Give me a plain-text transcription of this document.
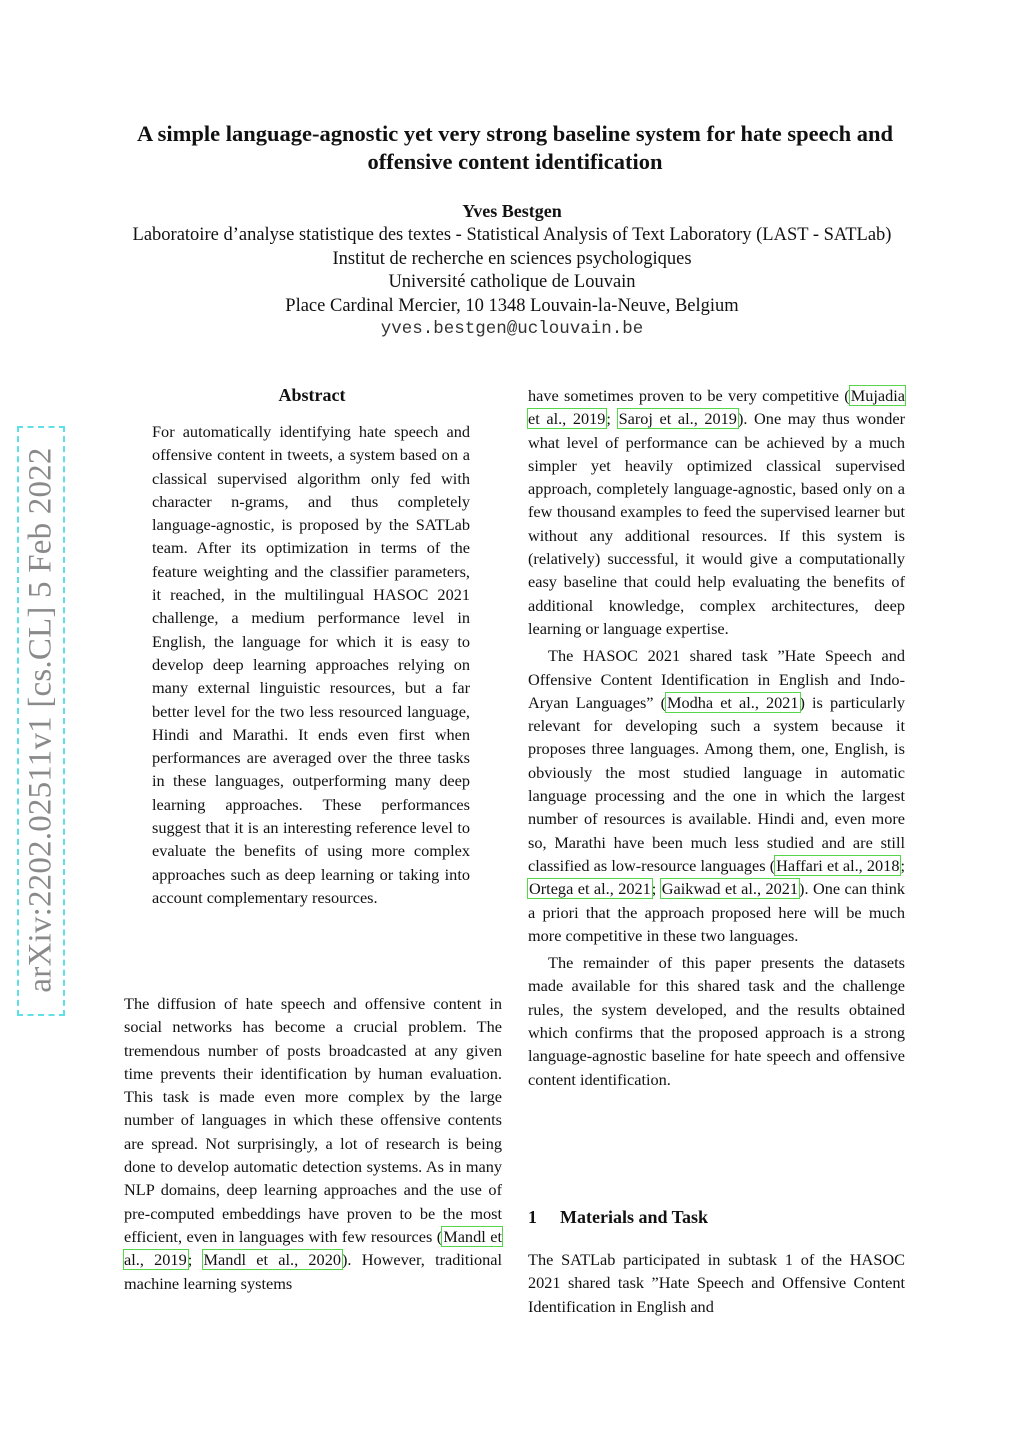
A simple language-agnostic yet very strong baseline system for hate speech and offensive content identification
Yves Bestgen
Laboratoire d’analyse statistique des textes - Statistical Analysis of Text Laboratory (LAST - SATLab)
Institut de recherche en sciences psychologiques
Université catholique de Louvain
Place Cardinal Mercier, 10 1348 Louvain-la-Neuve, Belgium
yves.bestgen@uclouvain.be
arXiv:2202.02511v1 [cs.CL] 5 Feb 2022
Abstract

For automatically identifying hate speech and offensive content in tweets, a system based on a classical supervised algorithm only fed with character n-grams, and thus completely language-agnostic, is proposed by the SATLab team. After its optimization in terms of the feature weighting and the classifier parameters, it reached, in the multilingual HASOC 2021 challenge, a medium performance level in English, the language for which it is easy to develop deep learning approaches relying on many external linguistic resources, but a far better level for the two less resourced language, Hindi and Marathi. It ends even first when performances are averaged over the three tasks in these languages, outperforming many deep learning approaches. These performances suggest that it is an interesting reference level to evaluate the benefits of using more complex approaches such as deep learning or taking into account complementary resources.

The diffusion of hate speech and offensive content in social networks has become a crucial problem. The tremendous number of posts broadcasted at any given time prevents their identification by human evaluation. This task is made even more complex by the large number of languages in which these offensive contents are spread. Not surprisingly, a lot of research is being done to develop automatic detection systems. As in many NLP domains, deep learning approaches and the use of pre-computed embeddings have proven to be the most efficient, even in languages with few resources (Mandl et al., 2019; Mandl et al., 2020). However, traditional machine learning systems

have sometimes proven to be very competitive (Mujadia et al., 2019; Saroj et al., 2019). One may thus wonder what level of performance can be achieved by a much simpler yet heavily optimized classical supervised approach, completely language-agnostic, based only on a few thousand examples to feed the supervised learner but without any additional resources. If this system is (relatively) successful, it would give a computationally easy baseline that could help evaluating the benefits of additional knowledge, complex architectures, deep learning or language expertise.

The HASOC 2021 shared task ”Hate Speech and Offensive Content Identification in English and Indo-Aryan Languages” (Modha et al., 2021) is particularly relevant for developing such a system because it proposes three languages. Among them, one, English, is obviously the most studied language in automatic language processing and the one in which the largest number of resources is available. Hindi and, even more so, Marathi have been much less studied and are still classified as low-resource languages (Haffari et al., 2018; Ortega et al., 2021; Gaikwad et al., 2021). One can think a priori that the approach proposed here will be much more competitive in these two languages.

The remainder of this paper presents the datasets made available for this shared task and the challenge rules, the system developed, and the results obtained which confirms that the proposed approach is a strong language-agnostic baseline for hate speech and offensive content identification.

1 Materials and Task

The SATLab participated in subtask 1 of the HASOC 2021 shared task ”Hate Speech and Offensive Content Identification in English and
